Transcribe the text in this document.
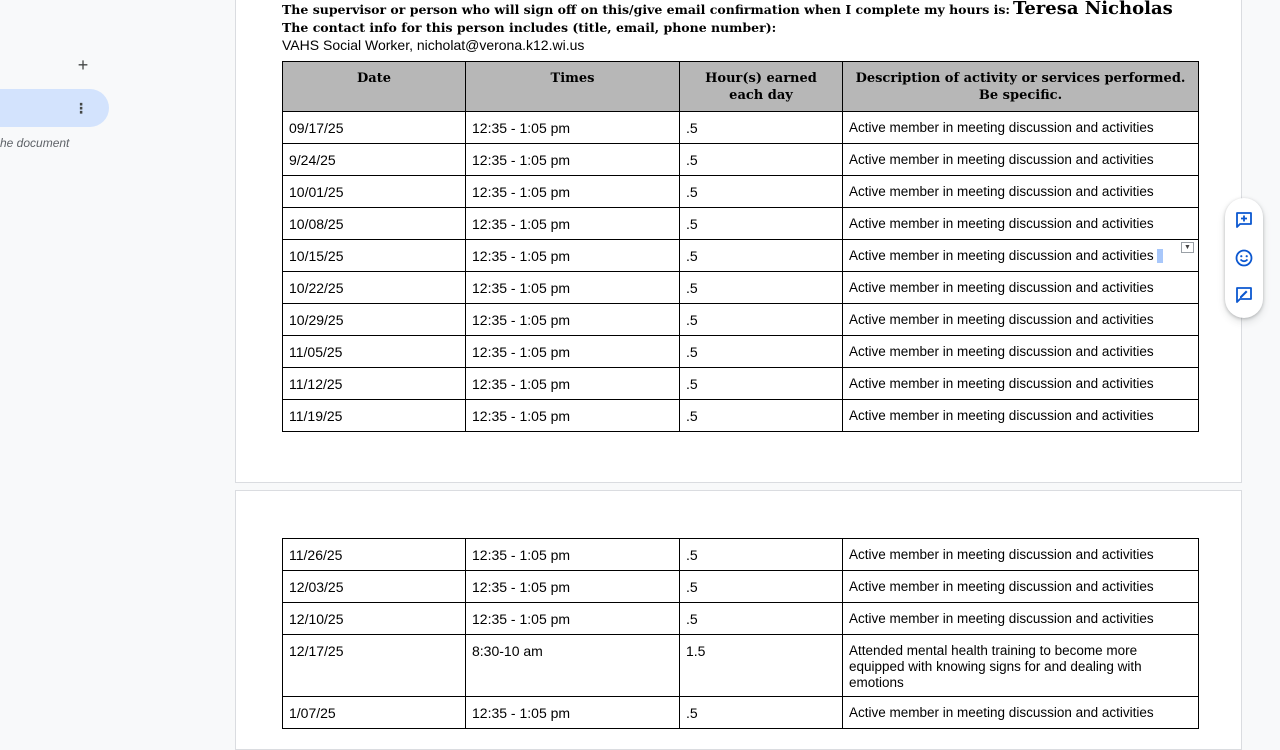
+
⋮
he document
The supervisor or person who will sign off on this/give email confirmation when I complete my hours is: Teresa Nicholas
The contact info for this person includes (title, email, phone number):
VAHS Social Worker, nicholat@verona.k12.wi.us
Date	Times	Hour(s) earned each day	Description of activity or services performed. Be specific.
09/17/25	12:35 - 1:05 pm	.5	Active member in meeting discussion and activities
9/24/25	12:35 - 1:05 pm	.5	Active member in meeting discussion and activities
10/01/25	12:35 - 1:05 pm	.5	Active member in meeting discussion and activities
10/08/25	12:35 - 1:05 pm	.5	Active member in meeting discussion and activities
10/15/25	12:35 - 1:05 pm	.5	Active member in meeting discussion and activities
▼

10/22/25	12:35 - 1:05 pm	.5	Active member in meeting discussion and activities
10/29/25	12:35 - 1:05 pm	.5	Active member in meeting discussion and activities
11/05/25	12:35 - 1:05 pm	.5	Active member in meeting discussion and activities
11/12/25	12:35 - 1:05 pm	.5	Active member in meeting discussion and activities
11/19/25	12:35 - 1:05 pm	.5	Active member in meeting discussion and activities
11/26/25	12:35 - 1:05 pm	.5	Active member in meeting discussion and activities
12/03/25	12:35 - 1:05 pm	.5	Active member in meeting discussion and activities
12/10/25	12:35 - 1:05 pm	.5	Active member in meeting discussion and activities
12/17/25	8:30-10 am	1.5	Attended mental health training to become more equipped with knowing signs for and dealing with emotions
1/07/25	12:35 - 1:05 pm	.5	Active member in meeting discussion and activities
